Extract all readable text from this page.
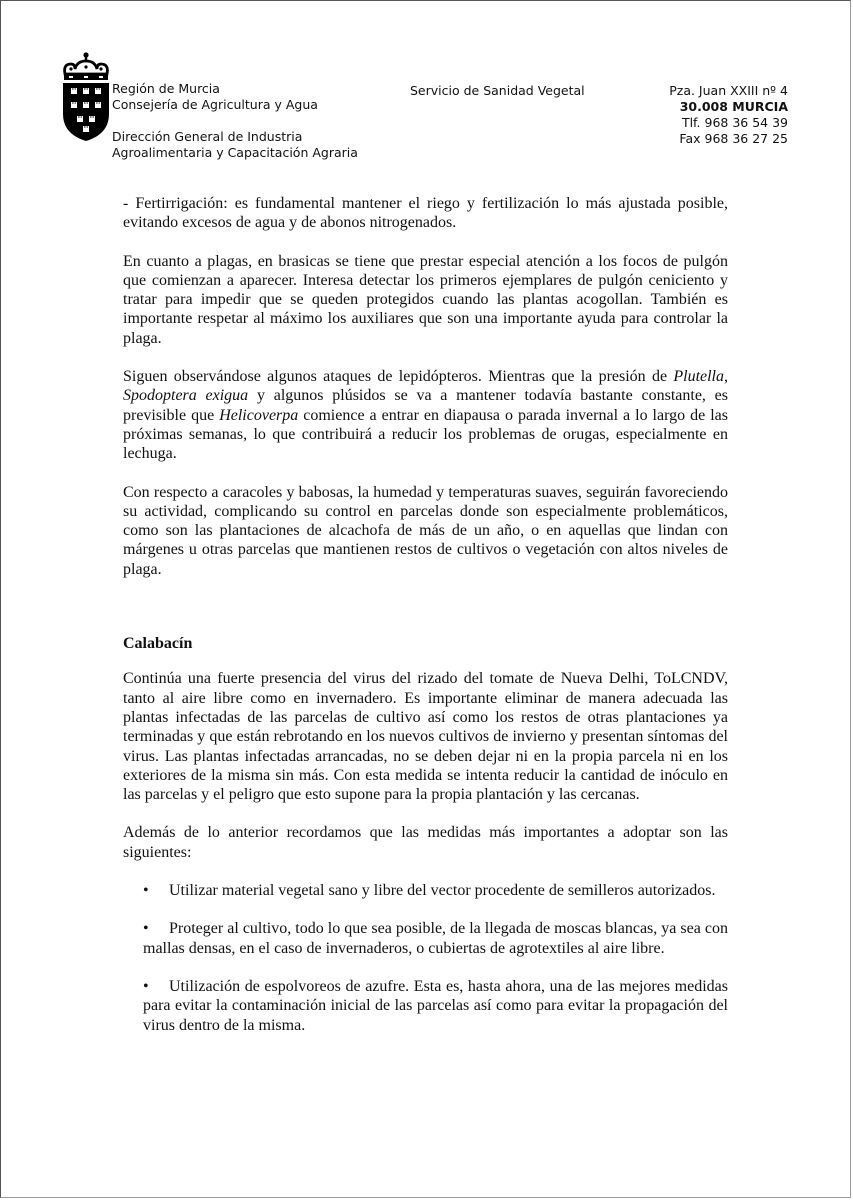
Región de Murcia
Consejería de Agricultura y Agua
Dirección General de Industria
Agroalimentaria y Capacitación Agraria
Servicio de Sanidad Vegetal	Pza. Juan XXIII nº 4
30.008 MURCIA
Tlf. 968 36 54 39
Fax 968 36 27 25

- Fertirrigación: es fundamental mantener el riego y fertilización lo más ajustada posible, evitando excesos de agua y de abonos nitrogenados.

En cuanto a plagas, en brasicas se tiene que prestar especial atención a los focos de pulgón que comienzan a aparecer. Interesa detectar los primeros ejemplares de pulgón ceniciento y tratar para impedir que se queden protegidos cuando las plantas acogollan. También es importante respetar al máximo los auxiliares que son una importante ayuda para controlar la plaga.

Siguen observándose algunos ataques de lepidópteros. Mientras que la presión de Plutella, Spodoptera exigua y algunos plúsidos se va a mantener todavía bastante constante, es previsible que Helicoverpa comience a entrar en diapausa o parada invernal a lo largo de las próximas semanas, lo que contribuirá a reducir los problemas de orugas, especialmente en lechuga.

Con respecto a caracoles y babosas, la humedad y temperaturas suaves, seguirán favoreciendo su actividad, complicando su control en parcelas donde son especialmente problemáticos, como son las plantaciones de alcachofa de más de un año, o en aquellas que lindan con márgenes u otras parcelas que mantienen restos de cultivos o vegetación con altos niveles de plaga.

Calabacín

Continúa una fuerte presencia del virus del rizado del tomate de Nueva Delhi, ToLCNDV, tanto al aire libre como en invernadero. Es importante eliminar de manera adecuada las plantas infectadas de las parcelas de cultivo así como los restos de otras plantaciones ya terminadas y que están rebrotando en los nuevos cultivos de invierno y presentan síntomas del virus. Las plantas infectadas arrancadas, no se deben dejar ni en la propia parcela ni en los exteriores de la misma sin más. Con esta medida se intenta reducir la cantidad de inóculo en las parcelas y el peligro que esto supone para la propia plantación y las cercanas.

Además de lo anterior recordamos que las medidas más importantes a adoptar son las siguientes:

•	Utilizar material vegetal sano y libre del vector procedente de semilleros autorizados.
•	Proteger al cultivo, todo lo que sea posible, de la llegada de moscas blancas, ya sea con mallas densas, en el caso de invernaderos, o cubiertas de agrotextiles al aire libre.
•	Utilización de espolvoreos de azufre. Esta es, hasta ahora, una de las mejores medidas para evitar la contaminación inicial de las parcelas así como para evitar la propagación del virus dentro de la misma.
